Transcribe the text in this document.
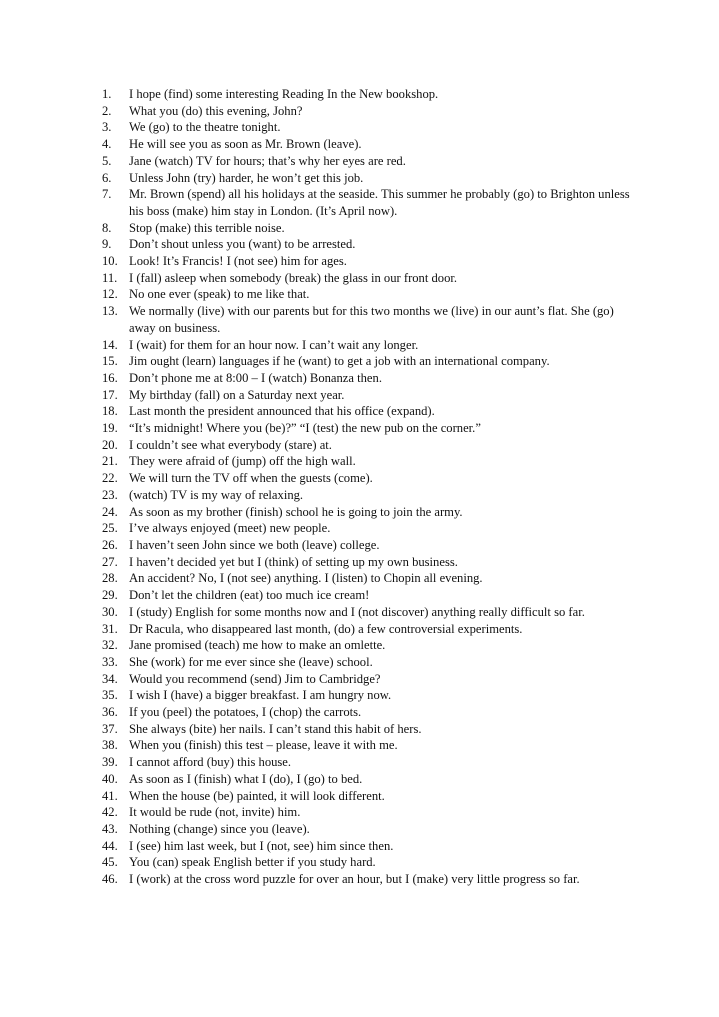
1.	I hope (find) some interesting Reading In the New bookshop.
2.	What you (do) this evening, John?
3.	We (go) to the theatre tonight.
4.	He will see you as soon as Mr. Brown (leave).
5.	Jane (watch) TV for hours; that’s why her eyes are red.
6.	Unless John (try) harder, he won’t get this job.
7.	Mr. Brown (spend) all his holidays at the seaside. This summer he probably (go) to Brighton unless his boss (make) him stay in London. (It’s April now).
8.	Stop (make) this terrible noise.
9.	Don’t shout unless you (want) to be arrested.
10. Look! It’s Francis! I (not see) him for ages.
11. I (fall) asleep when somebody (break) the glass in our front door.
12. No one ever (speak) to me like that.
13. We normally (live) with our parents but for this two months we (live) in our aunt’s flat. She (go) away on business.
14. I (wait) for them for an hour now. I can’t wait any longer.
15. Jim ought (learn) languages if he (want) to get a job with an international company.
16. Don’t phone me at 8:00 – I (watch) Bonanza then.
17. My birthday (fall) on a Saturday next year.
18. Last month the president announced that his office (expand).
19. “It’s midnight! Where you (be)?” “I (test) the new pub on the corner.”
20. I couldn’t see what everybody (stare) at.
21. They were afraid of (jump) off the high wall.
22. We will turn the TV off when the guests (come).
23. (watch) TV is my way of relaxing.
24. As soon as my brother (finish) school he is going to join the army.
25. I’ve always enjoyed (meet) new people.
26. I haven’t seen John since we both (leave) college.
27. I haven’t decided yet but I (think) of setting up my own business.
28. An accident? No, I (not see) anything. I (listen) to Chopin all evening.
29. Don’t let the children (eat) too much ice cream!
30. I (study) English for some months now and I (not discover) anything really difficult so far.
31. Dr Racula, who disappeared last month, (do) a few controversial experiments.
32. Jane promised (teach) me how to make an omlette.
33. She (work) for me ever since she (leave) school.
34. Would you recommend (send) Jim to Cambridge?
35. I wish I (have) a bigger breakfast. I am hungry now.
36. If you (peel) the potatoes, I (chop) the carrots.
37. She always (bite) her nails. I can’t stand this habit of hers.
38. When you (finish) this test – please, leave it with me.
39. I cannot afford (buy) this house.
40. As soon as I (finish) what I (do), I (go) to bed.
41. When the house (be) painted, it will look different.
42. It would be rude (not, invite) him.
43. Nothing (change) since you (leave).
44. I (see) him last week, but I (not, see) him since then.
45. You (can) speak English better if you study hard.
46. I (work) at the cross word puzzle for over an hour, but I (make) very little progress so far.
